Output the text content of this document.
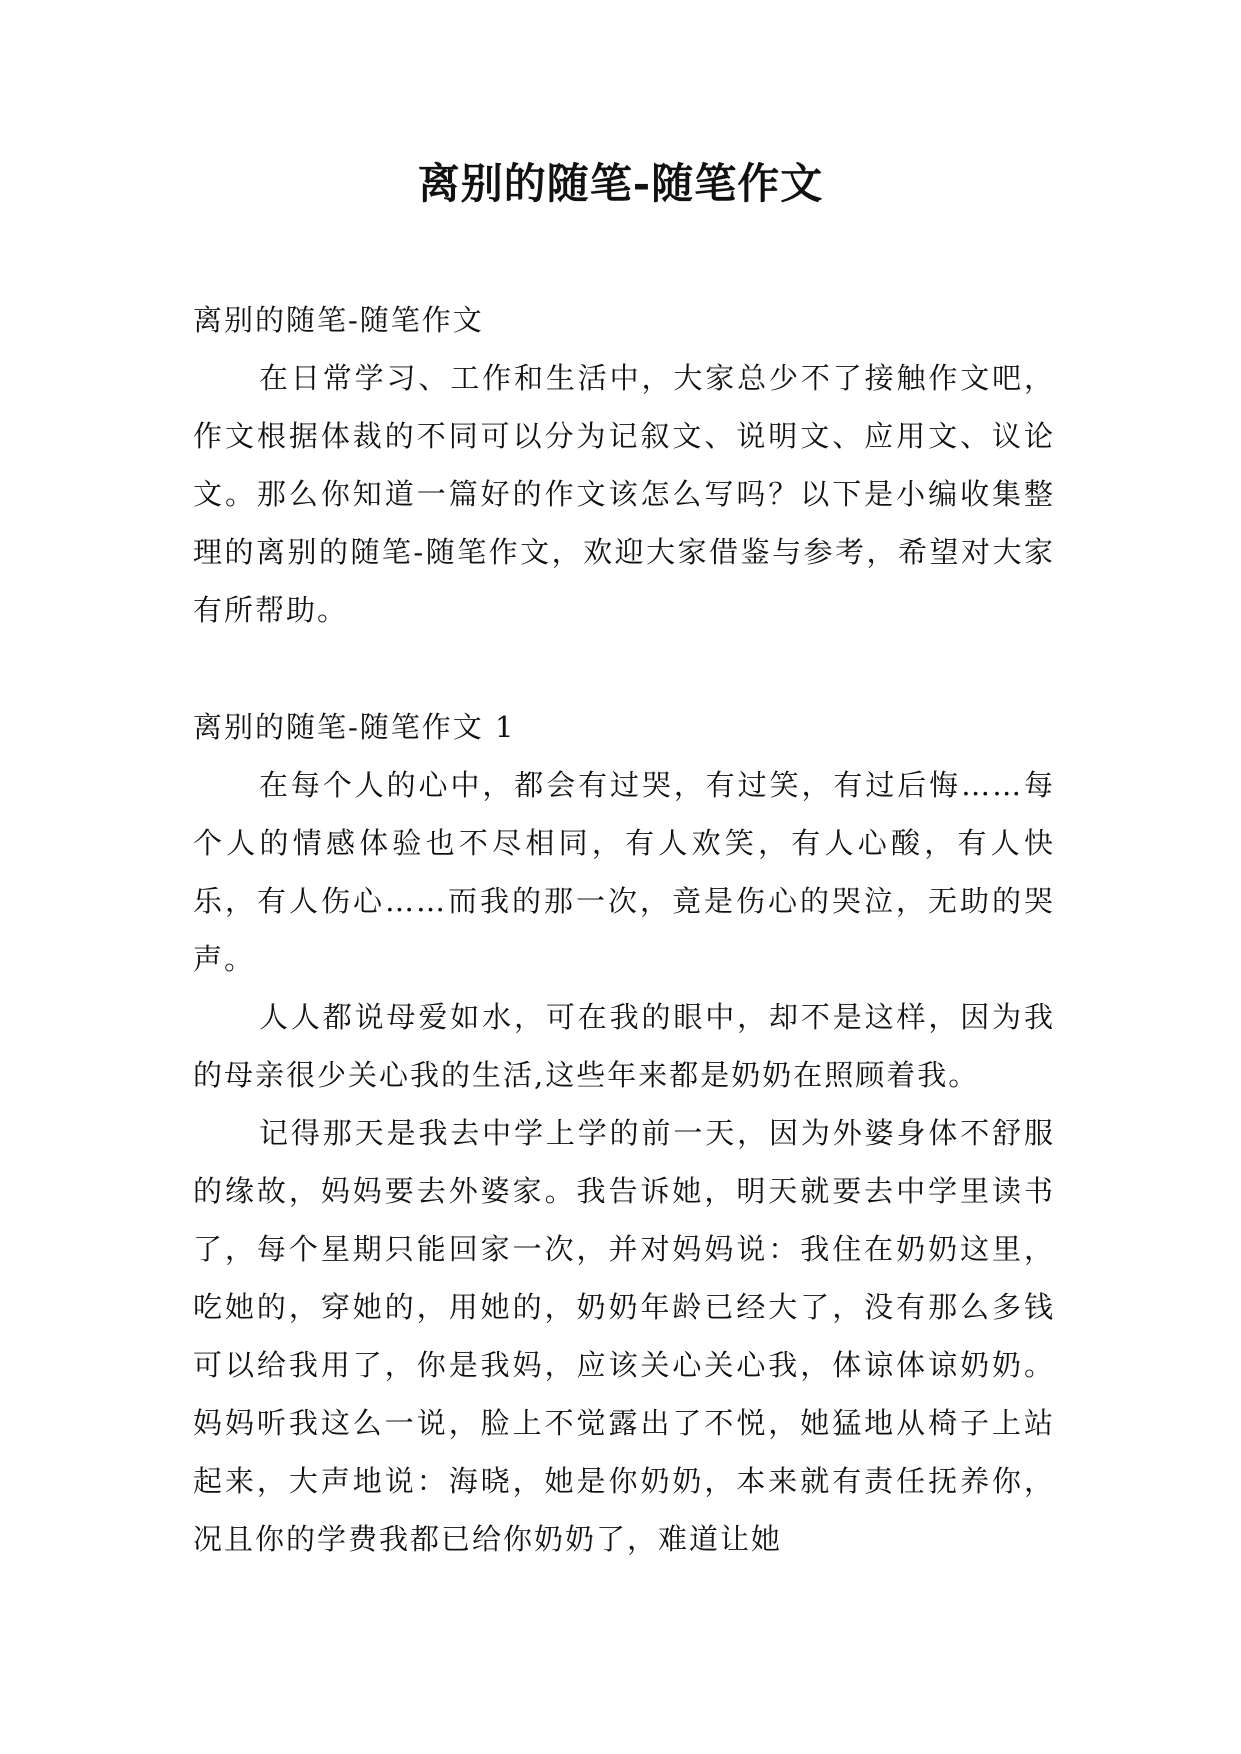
离别的随笔-随笔作文

离别的随笔-随笔作文

在日常学习、工作和生活中，大家总少不了接触作文吧，作文根据体裁的不同可以分为记叙文、说明文、应用文、议论文。那么你知道一篇好的作文该怎么写吗？以下是小编收集整理的离别的随笔-随笔作文，欢迎大家借鉴与参考，希望对大家有所帮助。

离别的随笔-随笔作文 1

在每个人的心中，都会有过哭，有过笑，有过后悔……每个人的情感体验也不尽相同，有人欢笑，有人心酸，有人快乐，有人伤心……而我的那一次，竟是伤心的哭泣，无助的哭声。

人人都说母爱如水，可在我的眼中，却不是这样，因为我的母亲很少关心我的生活,这些年来都是奶奶在照顾着我。

记得那天是我去中学上学的前一天，因为外婆身体不舒服的缘故，妈妈要去外婆家。我告诉她，明天就要去中学里读书了，每个星期只能回家一次，并对妈妈说：我住在奶奶这里，吃她的，穿她的，用她的，奶奶年龄已经大了，没有那么多钱可以给我用了，你是我妈，应该关心关心我，体谅体谅奶奶。妈妈听我这么一说，脸上不觉露出了不悦，她猛地从椅子上站起来，大声地说：海晓，她是你奶奶，本来就有责任抚养你，况且你的学费我都已给你奶奶了，难道让她
